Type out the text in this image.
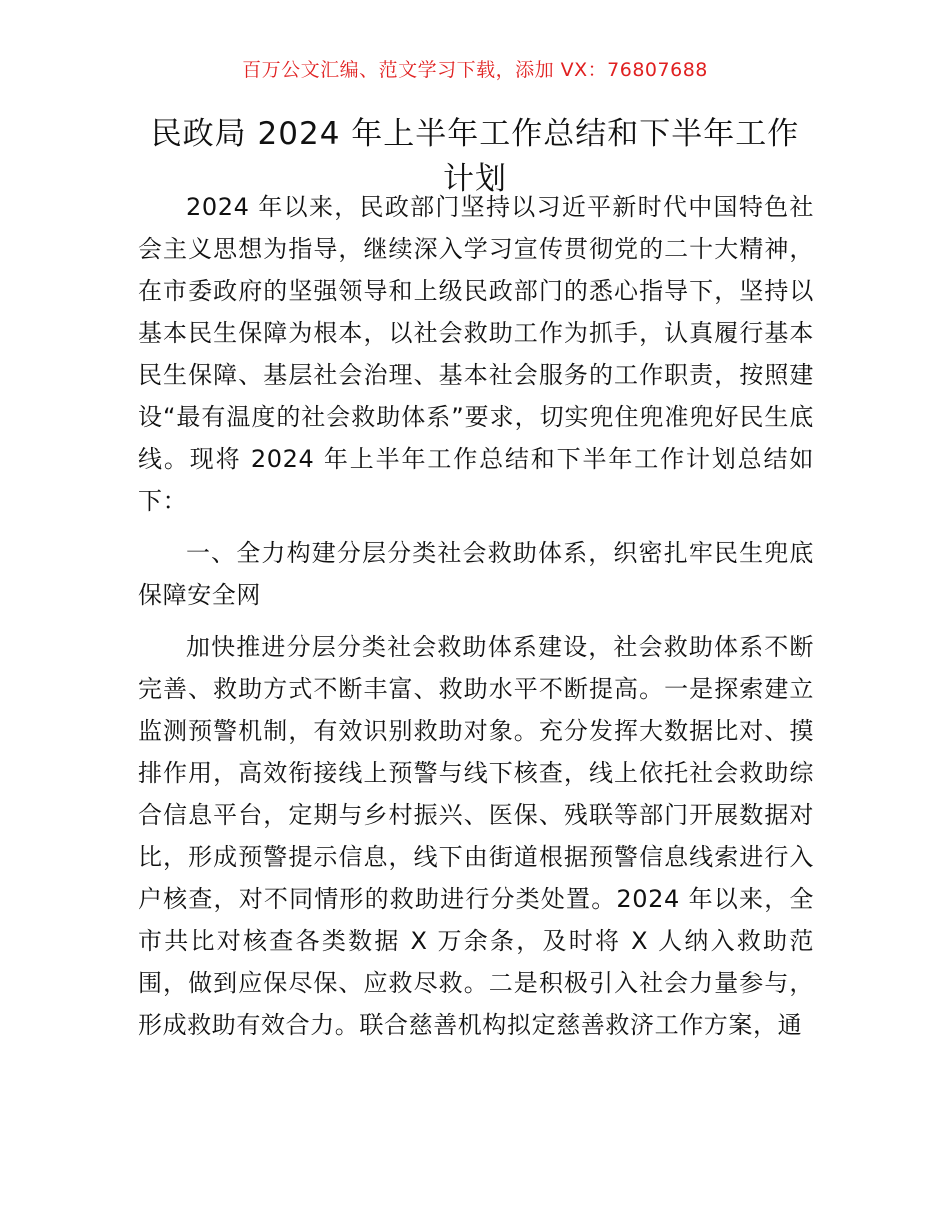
百万公文汇编、范文学习下载，添加 VX：76807688
民政局 2024 年上半年工作总结和下半年工作计划

2024 年以来，民政部门坚持以习近平新时代中国特色社会主义思想为指导，继续深入学习宣传贯彻党的二十大精神，在市委政府的坚强领导和上级民政部门的悉心指导下，坚持以基本民生保障为根本，以社会救助工作为抓手，认真履行基本民生保障、基层社会治理、基本社会服务的工作职责，按照建设“最有温度的社会救助体系”要求，切实兜住兜准兜好民生底线。现将 2024 年上半年工作总结和下半年工作计划总结如下：

一、全力构建分层分类社会救助体系，织密扎牢民生兜底保障安全网

加快推进分层分类社会救助体系建设，社会救助体系不断完善、救助方式不断丰富、救助水平不断提高。一是探索建立监测预警机制，有效识别救助对象。充分发挥大数据比对、摸排作用，高效衔接线上预警与线下核查，线上依托社会救助综合信息平台，定期与乡村振兴、医保、残联等部门开展数据对比，形成预警提示信息，线下由街道根据预警信息线索进行入户核查，对不同情形的救助进行分类处置。2024 年以来，全市共比对核查各类数据 X 万余条，及时将 X 人纳入救助范围，做到应保尽保、应救尽救。二是积极引入社会力量参与，形成救助有效合力。联合慈善机构拟定慈善救济工作方案，通
